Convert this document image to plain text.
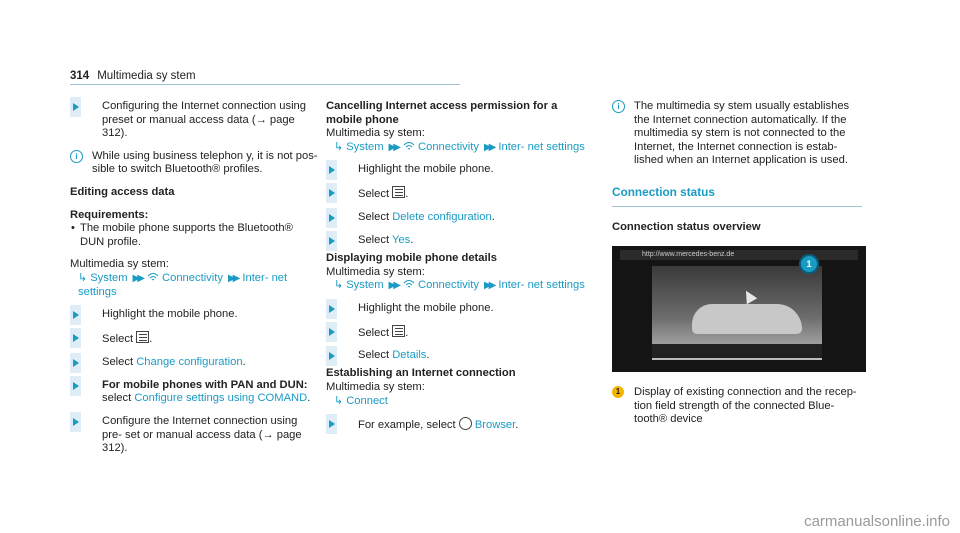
314 Multimedia sy stem
Configuring the Internet connection using preset or manual access data (→ page 312).
i	While using business telephon y, it is not pos- sible to switch Bluetooth® profiles.
Editing access data
Requirements:
• The mobile phone supports the Bluetooth® DUN profile.
Multimedia sy stem:
↳ System ▶▶ Connectivity ▶▶ Inter- net settings
Highlight the mobile phone.
Select .
Select Change configuration.
For mobile phones with PAN and DUN:
select Configure settings using COMAND.
Configure the Internet connection using pre- set or manual access data (→ page 312).
Cancelling Internet access permission for a mobile phone
Multimedia sy stem:
↳ System ▶▶ Connectivity ▶▶ Inter- net settings
Highlight the mobile phone.
Select .
Select Delete configuration.
Select Yes.
Displaying mobile phone details
Multimedia sy stem:
↳ System ▶▶ Connectivity ▶▶ Inter- net settings
Highlight the mobile phone.
Select .
Select Details.
Establishing an Internet connection
Multimedia sy stem:
↳ Connect
For example, select Browser.
i	The multimedia sy stem usually establishes the Internet connection automatically. If the multimedia sy stem is not connected to the Internet, the Internet connection is estab- lished when an Internet application is used.
Connection status
Connection status overview
http://www.mercedes-benz.de
1
1	Display of existing connection and the recep- tion field strength of the connected Blue- tooth® device
carmanualsonline.info
